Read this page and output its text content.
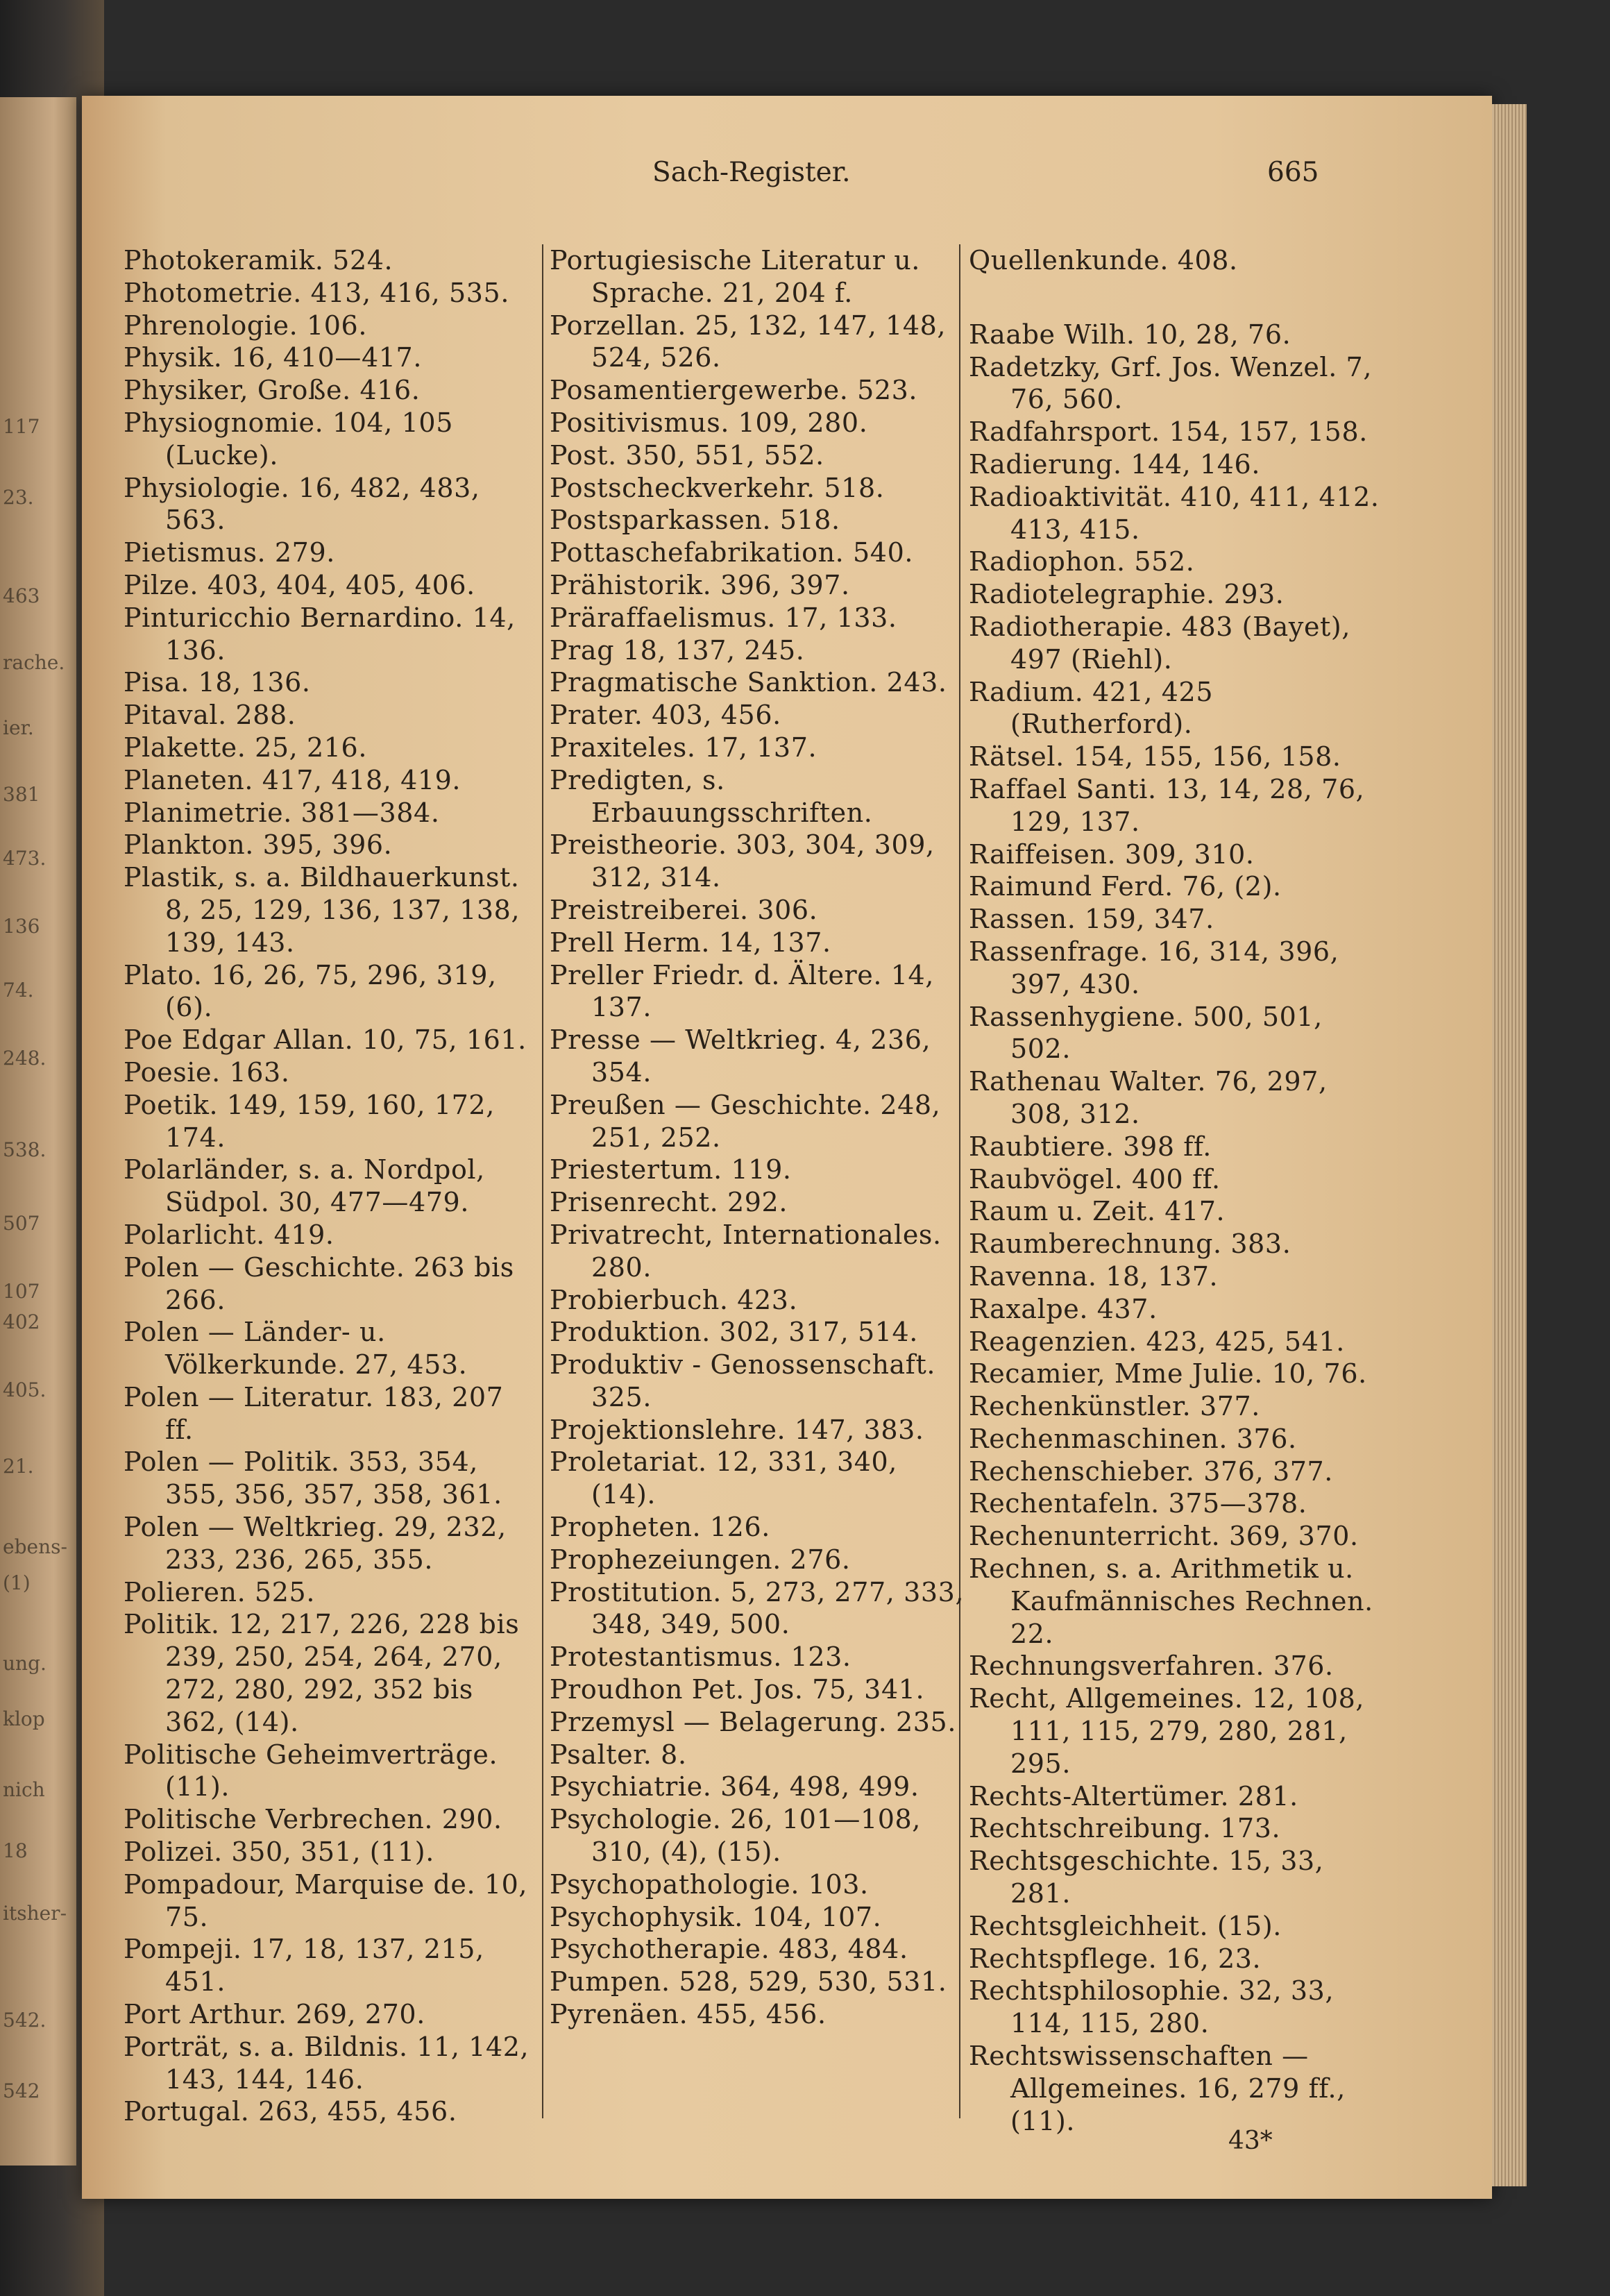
117
23.
463
rache.
ier.
381
473.
136
74.
248.
538.
507
107
402
405.
21.
ebens-
(1)
ung.
klop
nich
18
itsher-
542.
542
Sach-Register.	665
Photokeramik. 524.
Photometrie. 413, 416, 535.
Phrenologie. 106.
Physik. 16, 410—417.
Physiker, Große. 416.
Physiognomie. 104, 105 (Lucke).
Physiologie. 16, 482, 483, 563.
Pietismus. 279.
Pilze. 403, 404, 405, 406.
Pinturicchio Bernardino. 14, 136.
Pisa. 18, 136.
Pitaval. 288.
Plakette. 25, 216.
Planeten. 417, 418, 419.
Planimetrie. 381—384.
Plankton. 395, 396.
Plastik, s. a. Bildhauerkunst. 8, 25, 129, 136, 137, 138, 139, 143.
Plato. 16, 26, 75, 296, 319, (6).
Poe Edgar Allan. 10, 75, 161.
Poesie. 163.
Poetik. 149, 159, 160, 172, 174.
Polarländer, s. a. Nordpol, Südpol. 30, 477—479.
Polarlicht. 419.
Polen — Geschichte. 263 bis 266.
Polen — Länder- u. Völkerkunde. 27, 453.
Polen — Literatur. 183, 207 ff.
Polen — Politik. 353, 354, 355, 356, 357, 358, 361.
Polen — Weltkrieg. 29, 232, 233, 236, 265, 355.
Polieren. 525.
Politik. 12, 217, 226, 228 bis 239, 250, 254, 264, 270, 272, 280, 292, 352 bis 362, (14).
Politische Geheimverträge. (11).
Politische Verbrechen. 290.
Polizei. 350, 351, (11).
Pompadour, Marquise de. 10, 75.
Pompeji. 17, 18, 137, 215, 451.
Port Arthur. 269, 270.
Porträt, s. a. Bildnis. 11, 142, 143, 144, 146.
Portugal. 263, 455, 456.
Portugiesische Literatur u. Sprache. 21, 204 f.
Porzellan. 25, 132, 147, 148, 524, 526.
Posamentiergewerbe. 523.
Positivismus. 109, 280.
Post. 350, 551, 552.
Postscheckverkehr. 518.
Postsparkassen. 518.
Pottaschefabrikation. 540.
Prähistorik. 396, 397.
Präraffaelismus. 17, 133.
Prag 18, 137, 245.
Pragmatische Sanktion. 243.
Prater. 403, 456.
Praxiteles. 17, 137.
Predigten, s. Erbauungsschriften.
Preistheorie. 303, 304, 309, 312, 314.
Preistreiberei. 306.
Prell Herm. 14, 137.
Preller Friedr. d. Ältere. 14, 137.
Presse — Weltkrieg. 4, 236, 354.
Preußen — Geschichte. 248, 251, 252.
Priestertum. 119.
Prisenrecht. 292.
Privatrecht, Internationales. 280.
Probierbuch. 423.
Produktion. 302, 317, 514.
Produktiv - Genossenschaft. 325.
Projektionslehre. 147, 383.
Proletariat. 12, 331, 340, (14).
Propheten. 126.
Prophezeiungen. 276.
Prostitution. 5, 273, 277, 333, 348, 349, 500.
Protestantismus. 123.
Proudhon Pet. Jos. 75, 341.
Przemysl — Belagerung. 235.
Psalter. 8.
Psychiatrie. 364, 498, 499.
Psychologie. 26, 101—108, 310, (4), (15).
Psychopathologie. 103.
Psychophysik. 104, 107.
Psychotherapie. 483, 484.
Pumpen. 528, 529, 530, 531.
Pyrenäen. 455, 456.
Quellenkunde. 408.
Raabe Wilh. 10, 28, 76.
Radetzky, Grf. Jos. Wenzel. 7, 76, 560.
Radfahrsport. 154, 157, 158.
Radierung. 144, 146.
Radioaktivität. 410, 411, 412. 413, 415.
Radiophon. 552.
Radiotelegraphie. 293.
Radiotherapie. 483 (Bayet), 497 (Riehl).
Radium. 421, 425 (Rutherford).
Rätsel. 154, 155, 156, 158.
Raffael Santi. 13, 14, 28, 76, 129, 137.
Raiffeisen. 309, 310.
Raimund Ferd. 76, (2).
Rassen. 159, 347.
Rassenfrage. 16, 314, 396, 397, 430.
Rassenhygiene. 500, 501, 502.
Rathenau Walter. 76, 297, 308, 312.
Raubtiere. 398 ff.
Raubvögel. 400 ff.
Raum u. Zeit. 417.
Raumberechnung. 383.
Ravenna. 18, 137.
Raxalpe. 437.
Reagenzien. 423, 425, 541.
Recamier, Mme Julie. 10, 76.
Rechenkünstler. 377.
Rechenmaschinen. 376.
Rechenschieber. 376, 377.
Rechentafeln. 375—378.
Rechenunterricht. 369, 370.
Rechnen, s. a. Arithmetik u. Kaufmännisches Rechnen. 22.
Rechnungsverfahren. 376.
Recht, Allgemeines. 12, 108, 111, 115, 279, 280, 281, 295.
Rechts-Altertümer. 281.
Rechtschreibung. 173.
Rechtsgeschichte. 15, 33, 281.
Rechtsgleichheit. (15).
Rechtspflege. 16, 23.
Rechtsphilosophie. 32, 33, 114, 115, 280.
Rechtswissenschaften — Allgemeines. 16, 279 ff., (11).
43*
